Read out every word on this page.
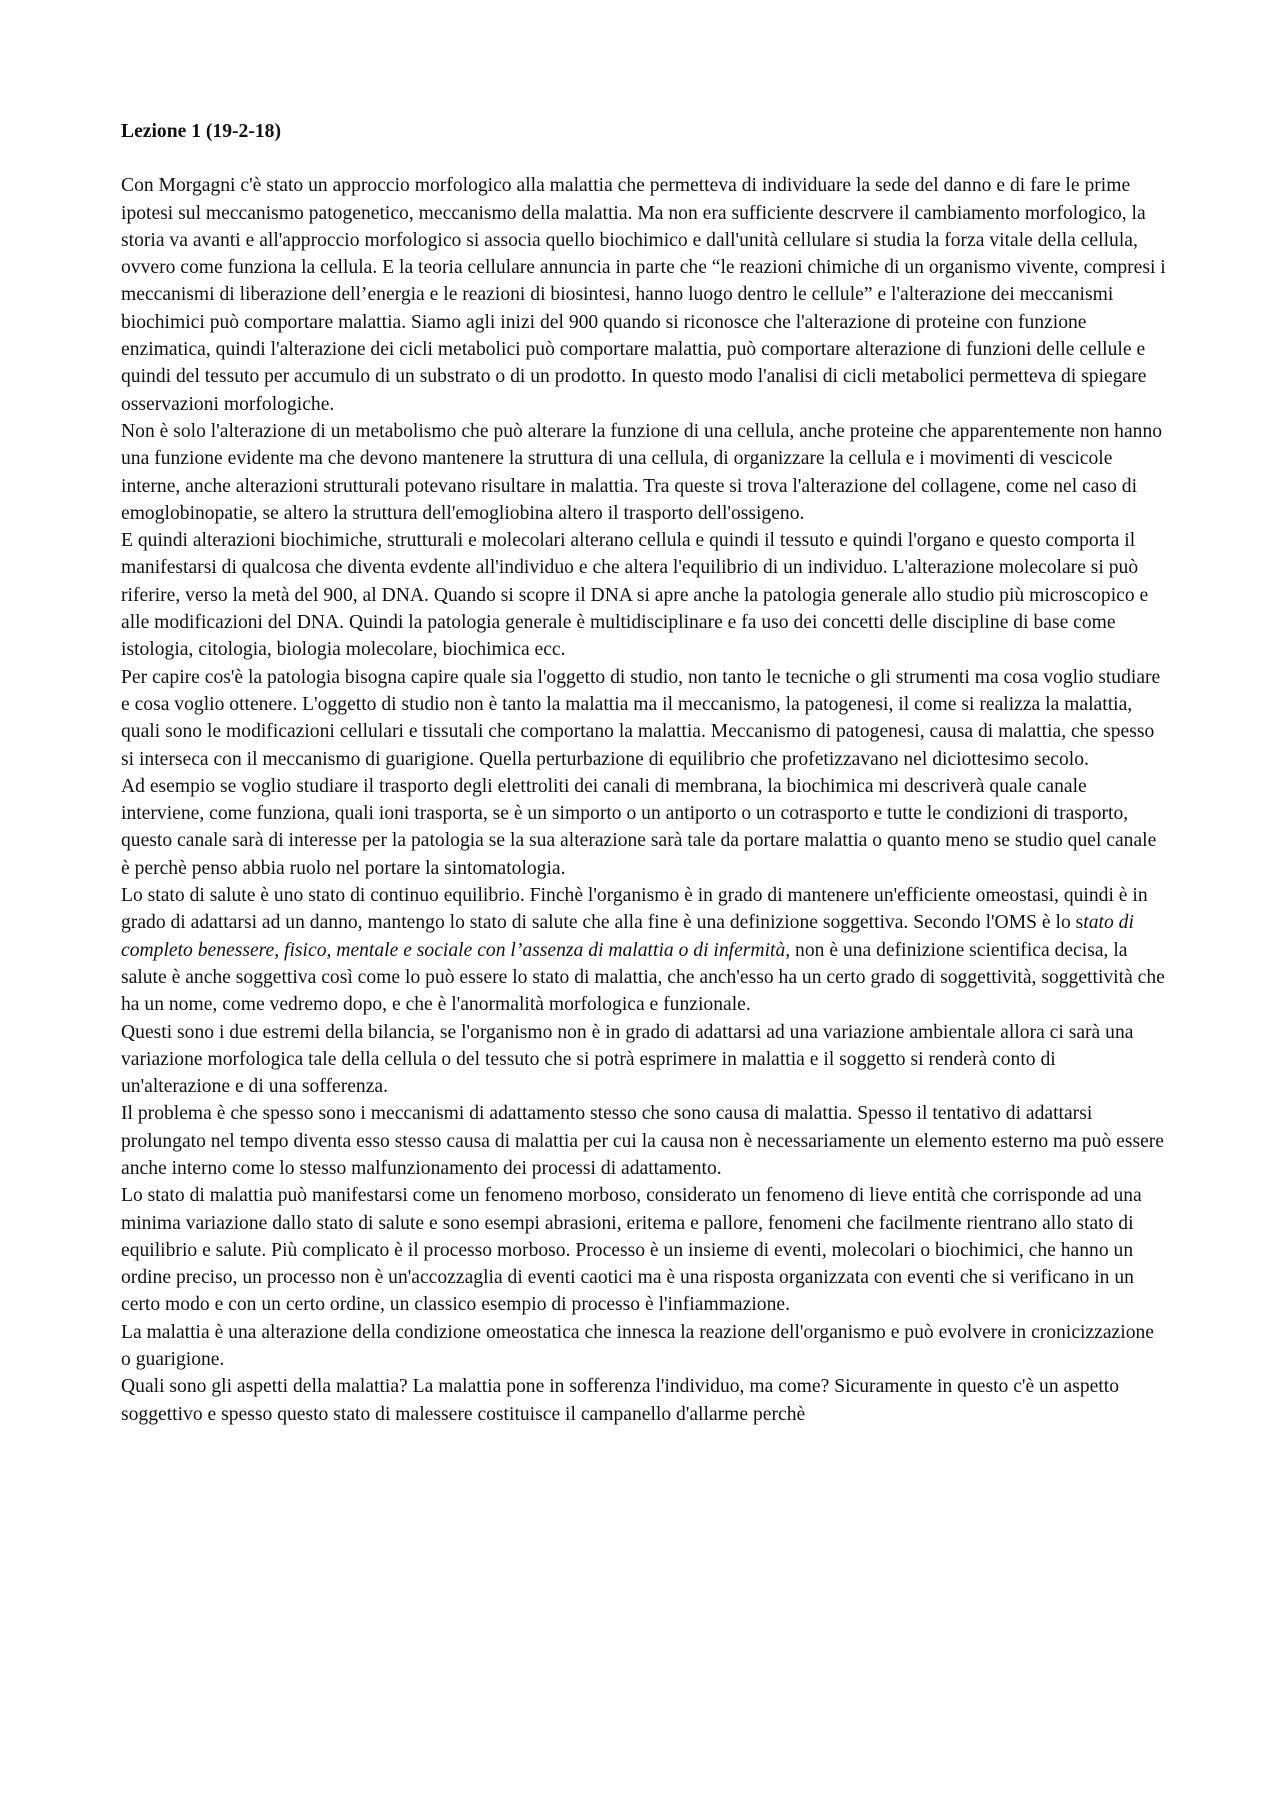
Lezione 1 (19-2-18)

Con Morgagni c'è stato un approccio morfologico alla malattia che permetteva di individuare la sede del danno e di fare le prime ipotesi sul meccanismo patogenetico, meccanismo della malattia. Ma non era sufficiente descrvere il cambiamento morfologico, la storia va avanti e all'approccio morfologico si associa quello biochimico e dall'unità cellulare si studia la forza vitale della cellula, ovvero come funziona la cellula. E la teoria cellulare annuncia in parte che “le reazioni chimiche di un organismo vivente, compresi i meccanismi di liberazione dell’energia e le reazioni di biosintesi, hanno luogo dentro le cellule” e l'alterazione dei meccanismi biochimici può comportare malattia. Siamo agli inizi del 900 quando si riconosce che l'alterazione di proteine con funzione enzimatica, quindi l'alterazione dei cicli metabolici può comportare malattia, può comportare alterazione di funzioni delle cellule e quindi del tessuto per accumulo di un substrato o di un prodotto. In questo modo l'analisi di cicli metabolici permetteva di spiegare osservazioni morfologiche.

Non è solo l'alterazione di un metabolismo che può alterare la funzione di una cellula, anche proteine che apparentemente non hanno una funzione evidente ma che devono mantenere la struttura di una cellula, di organizzare la cellula e i movimenti di vescicole interne, anche alterazioni strutturali potevano risultare in malattia. Tra queste si trova l'alterazione del collagene, come nel caso di emoglobinopatie, se altero la struttura dell'emogliobina altero il trasporto dell'ossigeno.

E quindi alterazioni biochimiche, strutturali e molecolari alterano cellula e quindi il tessuto e quindi l'organo e questo comporta il manifestarsi di qualcosa che diventa evdente all'individuo e che altera l'equilibrio di un individuo. L'alterazione molecolare si può riferire, verso la metà del 900, al DNA. Quando si scopre il DNA si apre anche la patologia generale allo studio più microscopico e alle modificazioni del DNA. Quindi la patologia generale è multidisciplinare e fa uso dei concetti delle discipline di base come istologia, citologia, biologia molecolare, biochimica ecc.

Per capire cos'è la patologia bisogna capire quale sia l'oggetto di studio, non tanto le tecniche o gli strumenti ma cosa voglio studiare e cosa voglio ottenere. L'oggetto di studio non è tanto la malattia ma il meccanismo, la patogenesi, il come si realizza la malattia, quali sono le modificazioni cellulari e tissutali che comportano la malattia. Meccanismo di patogenesi, causa di malattia, che spesso si interseca con il meccanismo di guarigione. Quella perturbazione di equilibrio che profetizzavano nel diciottesimo secolo.

Ad esempio se voglio studiare il trasporto degli elettroliti dei canali di membrana, la biochimica mi descriverà quale canale interviene, come funziona, quali ioni trasporta, se è un simporto o un antiporto o un cotrasporto e tutte le condizioni di trasporto, questo canale sarà di interesse per la patologia se la sua alterazione sarà tale da portare malattia o quanto meno se studio quel canale è perchè penso abbia ruolo nel portare la sintomatologia.

Lo stato di salute è uno stato di continuo equilibrio. Finchè l'organismo è in grado di mantenere un'efficiente omeostasi, quindi è in grado di adattarsi ad un danno, mantengo lo stato di salute che alla fine è una definizione soggettiva. Secondo l'OMS è lo stato di completo benessere, fisico, mentale e sociale con l’assenza di malattia o di infermità, non è una definizione scientifica decisa, la salute è anche soggettiva così come lo può essere lo stato di malattia, che anch'esso ha un certo grado di soggettività, soggettività che ha un nome, come vedremo dopo, e che è l'anormalità morfologica e funzionale.

Questi sono i due estremi della bilancia, se l'organismo non è in grado di adattarsi ad una variazione ambientale allora ci sarà una variazione morfologica tale della cellula o del tessuto che si potrà esprimere in malattia e il soggetto si renderà conto di un'alterazione e di una sofferenza.

Il problema è che spesso sono i meccanismi di adattamento stesso che sono causa di malattia. Spesso il tentativo di adattarsi prolungato nel tempo diventa esso stesso causa di malattia per cui la causa non è necessariamente un elemento esterno ma può essere anche interno come lo stesso malfunzionamento dei processi di adattamento.

Lo stato di malattia può manifestarsi come un fenomeno morboso, considerato un fenomeno di lieve entità che corrisponde ad una minima variazione dallo stato di salute e sono esempi abrasioni, eritema e pallore, fenomeni che facilmente rientrano allo stato di equilibrio e salute. Più complicato è il processo morboso. Processo è un insieme di eventi, molecolari o biochimici, che hanno un ordine preciso, un processo non è un'accozzaglia di eventi caotici ma è una risposta organizzata con eventi che si verificano in un certo modo e con un certo ordine, un classico esempio di processo è l'infiammazione.

La malattia è una alterazione della condizione omeostatica che innesca la reazione dell'organismo e può evolvere in cronicizzazione o guarigione.

Quali sono gli aspetti della malattia? La malattia pone in sofferenza l'individuo, ma come? Sicuramente in questo c'è un aspetto soggettivo e spesso questo stato di malessere costituisce il campanello d'allarme perchè
